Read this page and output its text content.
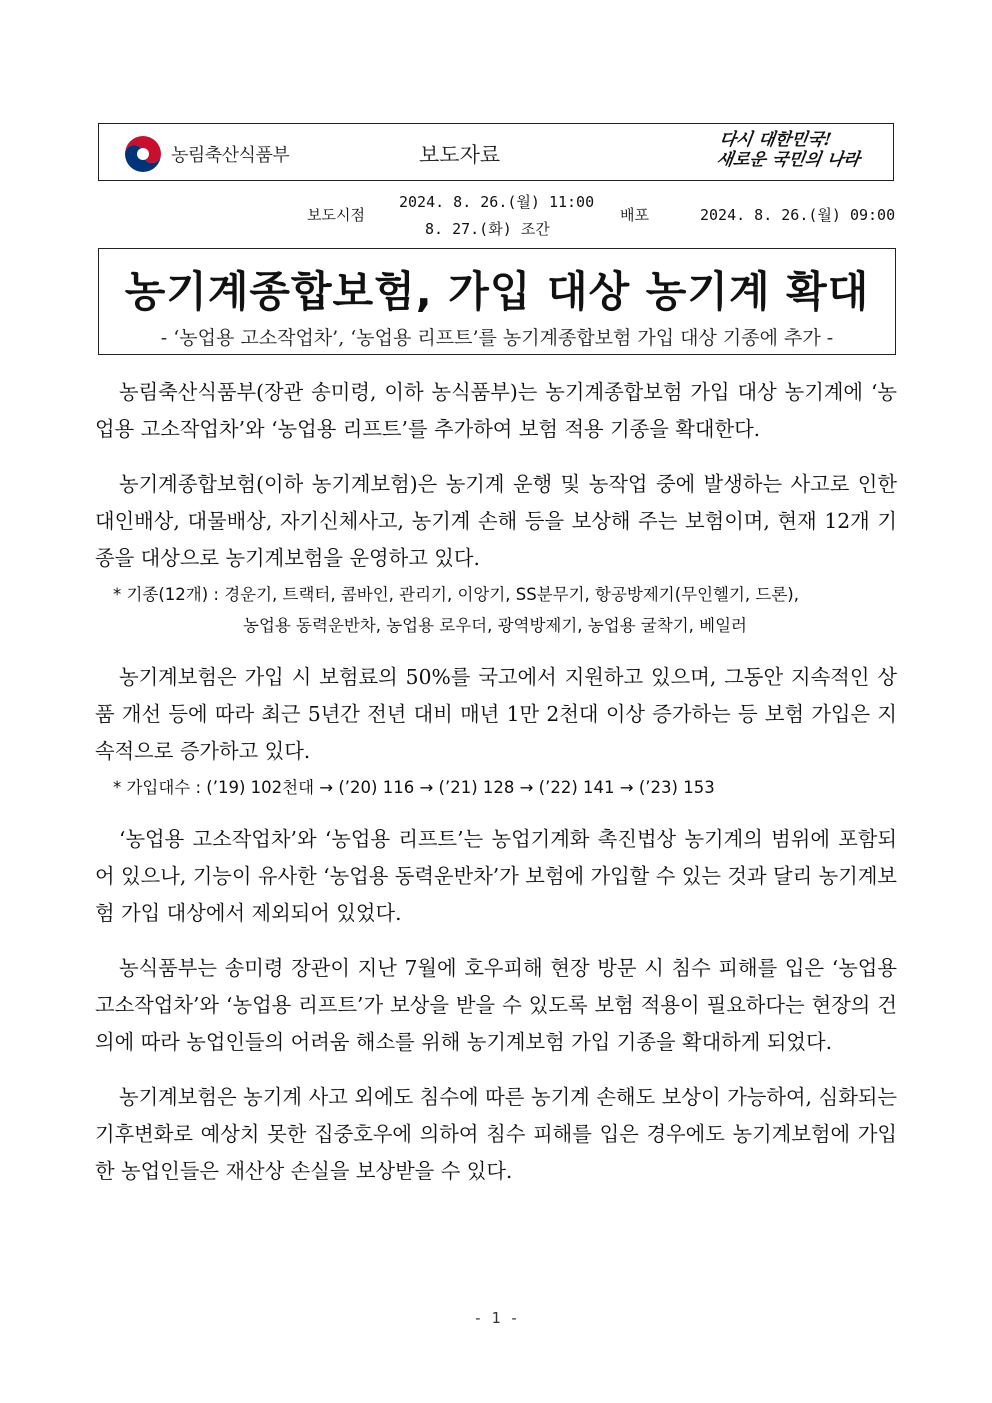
농림축산식품부	보도자료
다시 대한민국!
새로운 국민의 나라
보도시점
2024. 8. 26.(월) 11:00
8. 27.(화) 조간
배포	2024. 8. 26.(월) 09:00
농기계종합보험, 가입 대상 농기계 확대
- ‘농업용 고소작업차’, ‘농업용 리프트’를 농기계종합보험 가입 대상 기종에 추가 -

농림축산식품부(장관 송미령, 이하 농식품부)는 농기계종합보험 가입 대상 농기계에 ‘농업용 고소작업차’와 ‘농업용 리프트’를 추가하여 보험 적용 기종을 확대한다.

농기계종합보험(이하 농기계보험)은 농기계 운행 및 농작업 중에 발생하는 사고로 인한 대인배상, 대물배상, 자기신체사고, 농기계 손해 등을 보상해 주는 보험이며, 현재 12개 기종을 대상으로 농기계보험을 운영하고 있다.

* 기종(12개) : 경운기, 트랙터, 콤바인, 관리기, 이앙기, SS분무기, 항공방제기(무인헬기, 드론),
농업용 동력운반차, 농업용 로우더, 광역방제기, 농업용 굴착기, 베일러

농기계보험은 가입 시 보험료의 50%를 국고에서 지원하고 있으며, 그동안 지속적인 상품 개선 등에 따라 최근 5년간 전년 대비 매년 1만 2천대 이상 증가하는 등 보험 가입은 지속적으로 증가하고 있다.

* 가입대수 : (’19) 102천대 → (’20) 116 → (’21) 128 → (’22) 141 → (’23) 153

‘농업용 고소작업차’와 ‘농업용 리프트’는 농업기계화 촉진법상 농기계의 범위에 포함되어 있으나, 기능이 유사한 ‘농업용 동력운반차’가 보험에 가입할 수 있는 것과 달리 농기계보험 가입 대상에서 제외되어 있었다.

농식품부는 송미령 장관이 지난 7월에 호우피해 현장 방문 시 침수 피해를 입은 ‘농업용 고소작업차’와 ‘농업용 리프트’가 보상을 받을 수 있도록 보험 적용이 필요하다는 현장의 건의에 따라 농업인들의 어려움 해소를 위해 농기계보험 가입 기종을 확대하게 되었다.

농기계보험은 농기계 사고 외에도 침수에 따른 농기계 손해도 보상이 가능하여, 심화되는 기후변화로 예상치 못한 집중호우에 의하여 침수 피해를 입은 경우에도 농기계보험에 가입한 농업인들은 재산상 손실을 보상받을 수 있다.

- 1 -
